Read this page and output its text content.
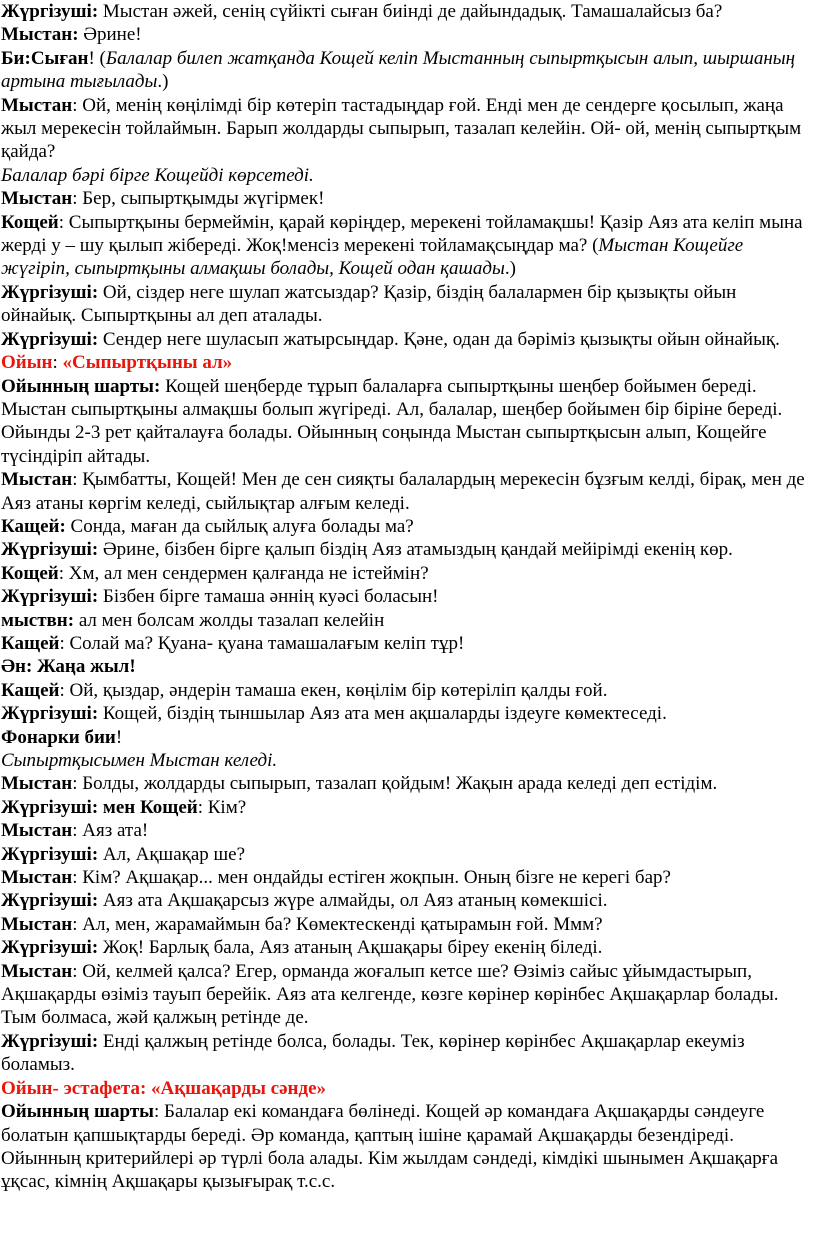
Жүргізуші: Мыстан әжей, сенің сүйікті сыған биінді де дайындадық. Тамашалайсыз ба?

Мыстан: Әрине!

Би:Сыған! (Балалар билеп жатқанда Кощей келіп Мыстанның сыпыртқысын алып, шыршаның артына тығылады.)

Мыстан: Ой, менің көңілімді бір көтеріп тастадыңдар ғой. Енді мен де сендерге қосылып, жаңа жыл мерекесін тойлаймын. Барып жолдарды сыпырып, тазалап келейін. Ой- ой, менің сыпыртқым қайда?

Балалар бәрі бірге Кощейді көрсетеді.

Мыстан: Бер, сыпыртқымды жүгірмек!

Кощей: Сыпыртқыны бермеймін, қарай көріңдер, мерекені тойламақшы! Қазір Аяз ата келіп мына жерді у – шу қылып жібереді. Жоқ!менсіз мерекені тойламақсыңдар ма? (Мыстан Кощейге жүгіріп, сыпыртқыны алмақшы болады, Кощей одан қашады.)

Жүргізуші: Ой, сіздер неге шулап жатсыздар? Қазір, біздің балалармен бір қызықты ойын ойнайық. Сыпыртқыны ал деп аталады.

Жүргізуші: Сендер неге шуласып жатырсыңдар. Қәне, одан да бәріміз қызықты ойын ойнайық.

Ойын: «Сыпыртқыны ал»

Ойынның шарты: Кощей шеңберде тұрып балаларға сыпыртқыны шеңбер бойымен береді. Мыстан сыпыртқыны алмақшы болып жүгіреді. Ал, балалар, шеңбер бойымен бір біріне береді. Ойынды 2-3 рет қайталауға болады. Ойынның соңында Мыстан сыпыртқысын алып, Кощейге түсіндіріп айтады.

Мыстан: Қымбатты, Кощей! Мен де сен сияқты балалардың мерекесін бұзғым келді, бірақ, мен де Аяз атаны көргім келеді, сыйлықтар алғым келеді.

Кащей: Сонда, маған да сыйлық алуға болады ма?

Жүргізуші: Әрине, бізбен бірге қалып біздің Аяз атамыздың қандай мейірімді екенің көр.

Кощей: Хм, ал мен сендермен қалғанда не істеймін?

Жүргізуші: Бізбен бірге тамаша әннің куәсі боласын!

мыствн: ал мен болсам жолды тазалап келейін

Кащей: Солай ма? Қуана- қуана тамашалағым келіп тұр!

Ән: Жаңа жыл!

Кащей: Ой, қыздар, әндерін тамаша екен, көңілім бір көтеріліп қалды ғой.

Жүргізуші: Кощей, біздің тыншылар Аяз ата мен ақшаларды іздеуге көмектеседі.

Фонарки бии!

Сыпыртқысымен Мыстан келеді.

Мыстан: Болды, жолдарды сыпырып, тазалап қойдым! Жақын арада келеді деп естідім.

Жүргізуші: мен Кощей: Кім?

Мыстан: Аяз ата!

Жүргізуші: Ал, Ақшақар ше?

Мыстан: Кім? Ақшақар... мен ондайды естіген жоқпын. Оның бізге не керегі бар?

Жүргізуші: Аяз ата Ақшақарсыз жүре алмайды, ол Аяз атаның көмекшісі.

Мыстан: Ал, мен, жарамаймын ба? Көмектескенді қатырамын ғой. Ммм?

Жүргізуші: Жоқ! Барлық бала, Аяз атаның Ақшақары біреу екенің біледі.

Мыстан: Ой, келмей қалса? Егер, орманда жоғалып кетсе ше? Өзіміз сайыс ұйымдастырып, Ақшақарды өзіміз тауып берейік. Аяз ата келгенде, көзге көрінер көрінбес Ақшақарлар болады. Тым болмаса, жәй қалжың ретінде де.

Жүргізуші: Енді қалжың ретінде болса, болады. Тек, көрінер көрінбес Ақшақарлар екеуміз боламыз.

Ойын- эстафета: «Ақшақарды сәнде»

Ойынның шарты: Балалар екі командаға бөлінеді. Кощей әр командаға Ақшақарды сәндеуге болатын қапшықтарды береді. Әр команда, қаптың ішіне қарамай Ақшақарды безендіреді. Ойынның критерийлері әр түрлі бола алады. Кім жылдам сәндеді, кімдікі шынымен Ақшақарға ұқсас, кімнің Ақшақары қызығырақ т.с.с.
